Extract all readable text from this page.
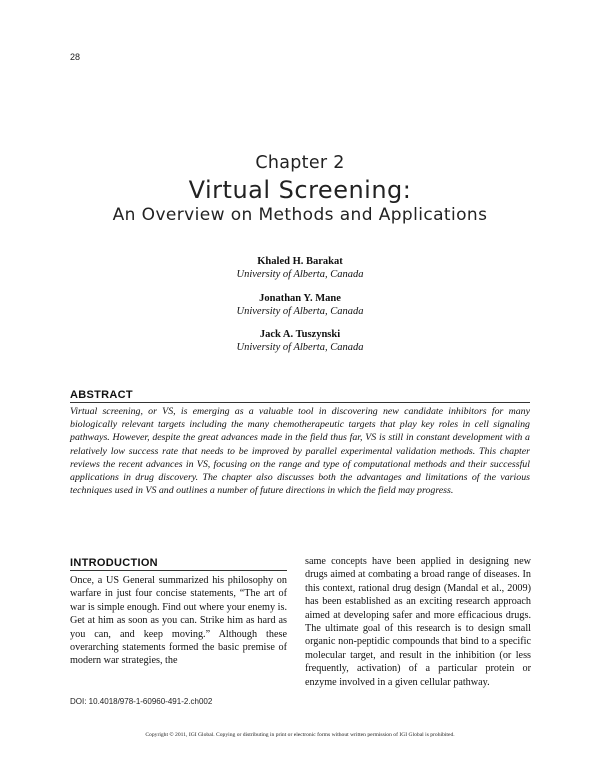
28
Chapter 2
Virtual Screening:
An Overview on Methods and Applications
Khaled H. Barakat
University of Alberta, Canada
Jonathan Y. Mane
University of Alberta, Canada
Jack A. Tuszynski
University of Alberta, Canada
ABSTRACT

Virtual screening, or VS, is emerging as a valuable tool in discovering new candidate inhibitors for many biologically relevant targets including the many chemotherapeutic targets that play key roles in cell signaling pathways. However, despite the great advances made in the field thus far, VS is still in constant development with a relatively low success rate that needs to be improved by parallel experimental validation methods. This chapter reviews the recent advances in VS, focusing on the range and type of computational methods and their successful applications in drug discovery. The chapter also discusses both the advantages and limitations of the various techniques used in VS and outlines a number of future directions in which the field may progress.

INTRODUCTION

Once, a US General summarized his philosophy on warfare in just four concise statements, “The art of war is simple enough. Find out where your enemy is. Get at him as soon as you can. Strike him as hard as you can, and keep moving.” Although these overarching statements formed the basic premise of modern war strategies, the

same concepts have been applied in designing new drugs aimed at combating a broad range of diseases. In this context, rational drug design (Mandal et al., 2009) has been established as an exciting research approach aimed at developing safer and more efficacious drugs. The ultimate goal of this research is to design small organic non-peptidic compounds that bind to a specific molecular target, and result in the inhibition (or less frequently, activation) of a particular protein or enzyme involved in a given cellular pathway.

DOI: 10.4018/978-1-60960-491-2.ch002
Copyright © 2011, IGI Global. Copying or distributing in print or electronic forms without written permission of IGI Global is prohibited.
